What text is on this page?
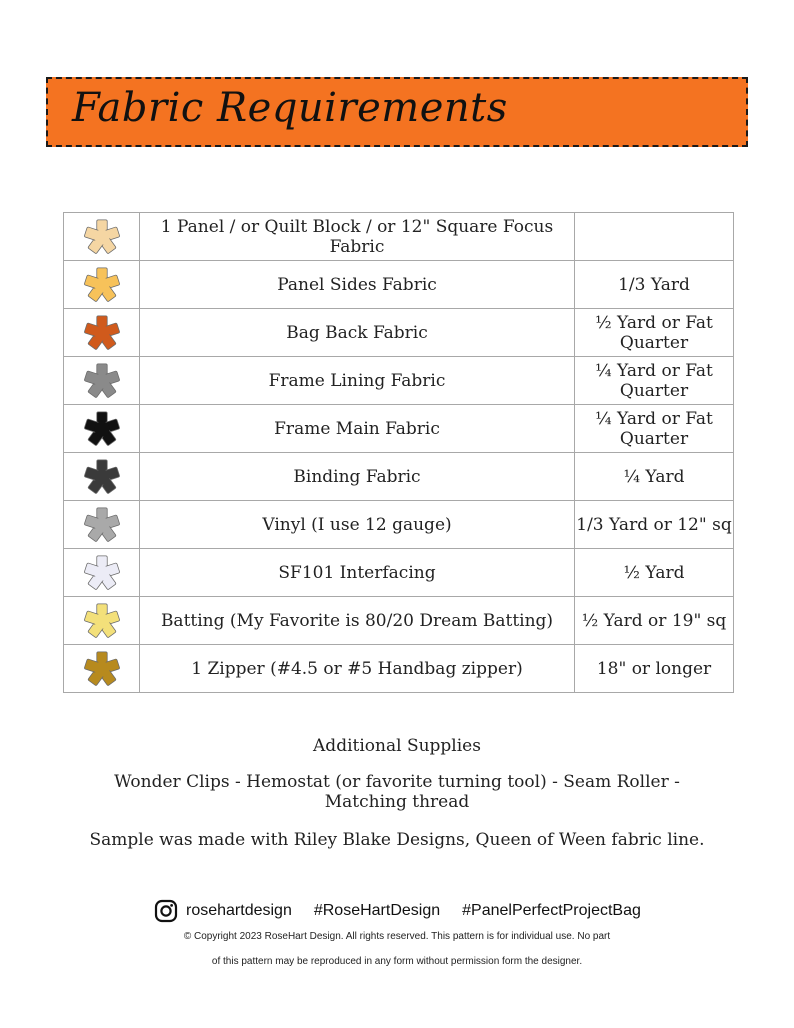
Fabric Requirements
	1 Panel / or Quilt Block / or 12" Square Focus Fabric	
	Panel Sides Fabric	1/3 Yard
	Bag Back Fabric	½ Yard or Fat Quarter
	Frame Lining Fabric	¼ Yard or Fat Quarter
	Frame Main Fabric	¼ Yard or Fat Quarter
	Binding Fabric	¼ Yard
	Vinyl (I use 12 gauge)	1/3 Yard or 12" sq
	SF101 Interfacing	½ Yard
	Batting (My Favorite is 80/20 Dream Batting)	½ Yard or 19" sq
	1 Zipper (#4.5 or #5 Handbag zipper)	18" or longer
Additional Supplies
Wonder Clips - Hemostat (or favorite turning tool) - Seam Roller - Matching thread
Sample was made with Riley Blake Designs, Queen of Ween fabric line.
rosehartdesign #RoseHartDesign #PanelPerfectProjectBag
© Copyright 2023 RoseHart Design. All rights reserved. This pattern is for individual use. No part
of this pattern may be reproduced in any form without permission form the designer.
